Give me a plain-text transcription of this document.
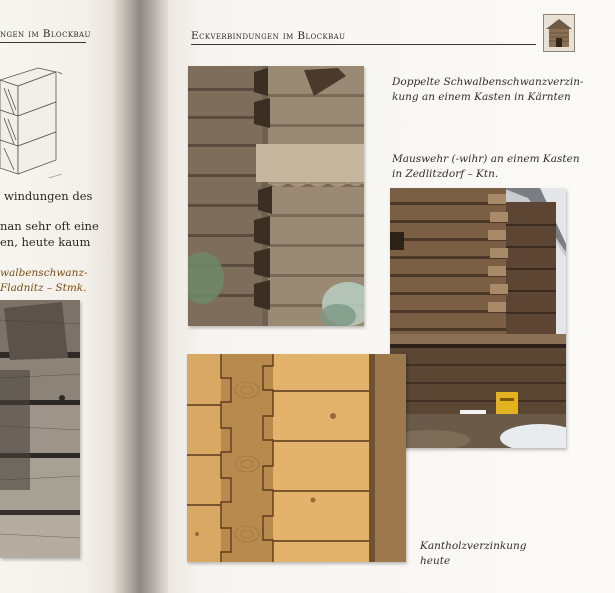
ngen im Blockbau
windungen des
nan sehr oft eine
en, heute kaum
walbenschwanz-
Fladnitz – Stmk.
Eckverbindungen im Blockbau
Doppelte Schwalbenschwanzverzin-
kung an einem Kasten in Kärnten
Mauswehr (-wihr) an einem Kasten
in Zedlitzdorf – Ktn.
Kantholzverzinkung
heute
